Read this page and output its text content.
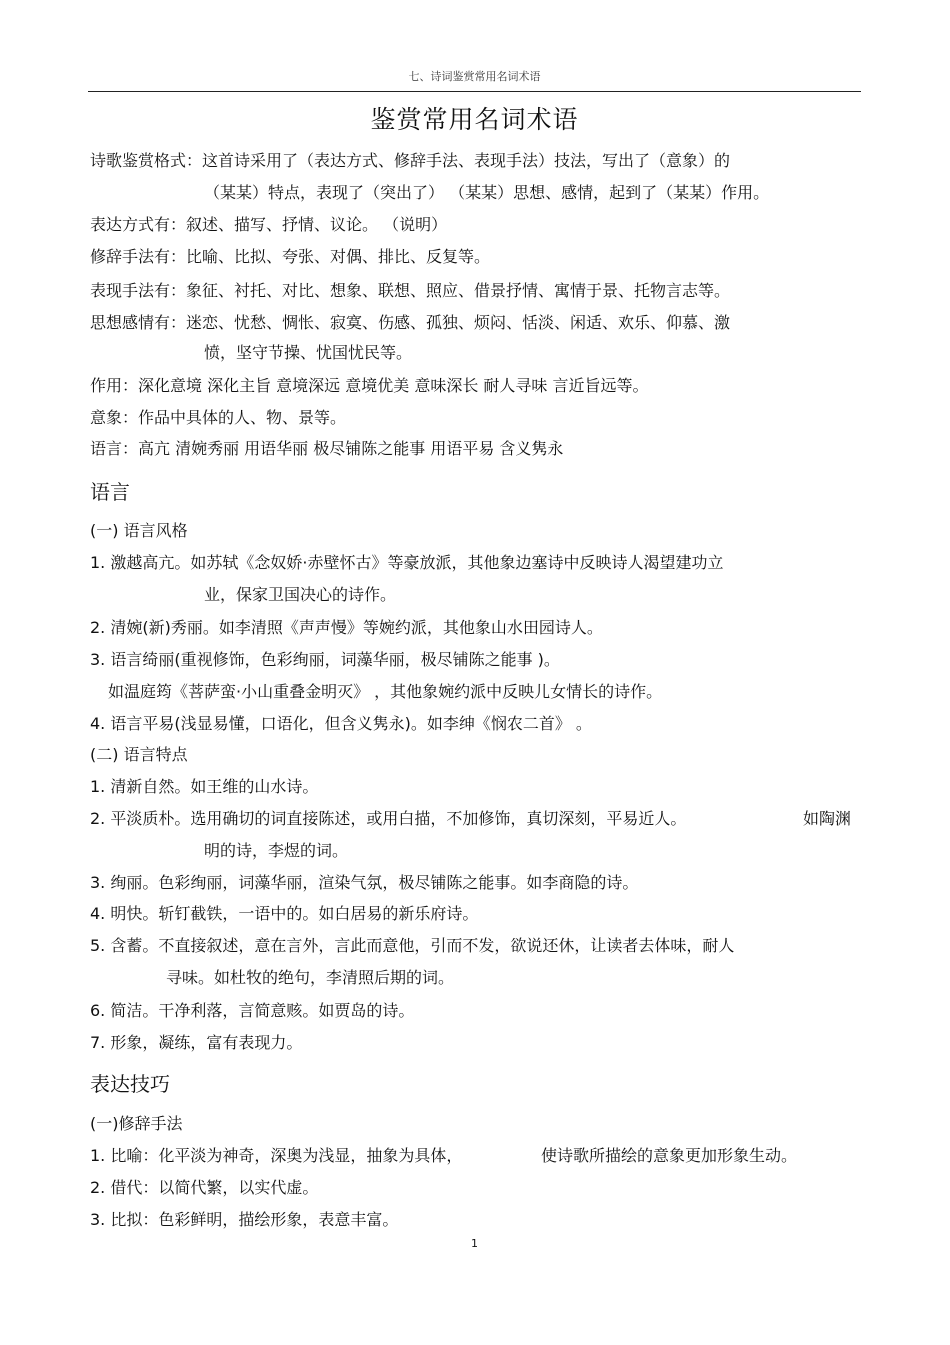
七、诗词鉴赏常用名词术语
鉴赏常用名词术语
诗歌鉴赏格式：这首诗采用了（表达方式、修辞手法、表现手法）技法，写出了（意象）的
（某某）特点，表现了（突出了） （某某）思想、感情，起到了（某某）作用。
表达方式有：叙述、描写、抒情、议论。 （说明）
修辞手法有：比喻、比拟、夸张、对偶、排比、反复等。
表现手法有：象征、衬托、对比、想象、联想、照应、借景抒情、寓情于景、托物言志等。
思想感情有：迷恋、忧愁、惆怅、寂寞、伤感、孤独、烦闷、恬淡、闲适、欢乐、仰慕、激
愤，坚守节操、忧国忧民等。
作用：深化意境 深化主旨 意境深远 意境优美 意味深长 耐人寻味 言近旨远等。
意象：作品中具体的人、物、景等。
语言：高亢 清婉秀丽 用语华丽 极尽铺陈之能事 用语平易 含义隽永
语言
(一) 语言风格
1. 激越高亢。如苏轼《念奴娇·赤壁怀古》等豪放派，其他象边塞诗中反映诗人渴望建功立
业，保家卫国决心的诗作。
2. 清婉(新)秀丽。如李清照《声声慢》等婉约派，其他象山水田园诗人。
3. 语言绮丽(重视修饰，色彩绚丽，词藻华丽，极尽铺陈之能事 )。
如温庭筠《菩萨蛮·小山重叠金明灭》 ，其他象婉约派中反映儿女情长的诗作。
4. 语言平易(浅显易懂，口语化，但含义隽永)。如李绅《悯农二首》 。
(二) 语言特点
1. 清新自然。如王维的山水诗。
2. 平淡质朴。选用确切的词直接陈述，或用白描，不加修饰，真切深刻，平易近人。	如陶渊
明的诗，李煜的词。
3. 绚丽。色彩绚丽，词藻华丽，渲染气氛，极尽铺陈之能事。如李商隐的诗。
4. 明快。斩钉截铁，一语中的。如白居易的新乐府诗。
5. 含蓄。不直接叙述，意在言外，言此而意他，引而不发，欲说还休，让读者去体味，耐人
寻味。如杜牧的绝句，李清照后期的词。
6. 简洁。干净利落，言简意赅。如贾岛的诗。
7. 形象，凝练，富有表现力。
表达技巧
(一)修辞手法
1. 比喻：化平淡为神奇，深奥为浅显，抽象为具体，	使诗歌所描绘的意象更加形象生动。
2. 借代：以简代繁，以实代虚。
3. 比拟：色彩鲜明，描绘形象，表意丰富。
1
